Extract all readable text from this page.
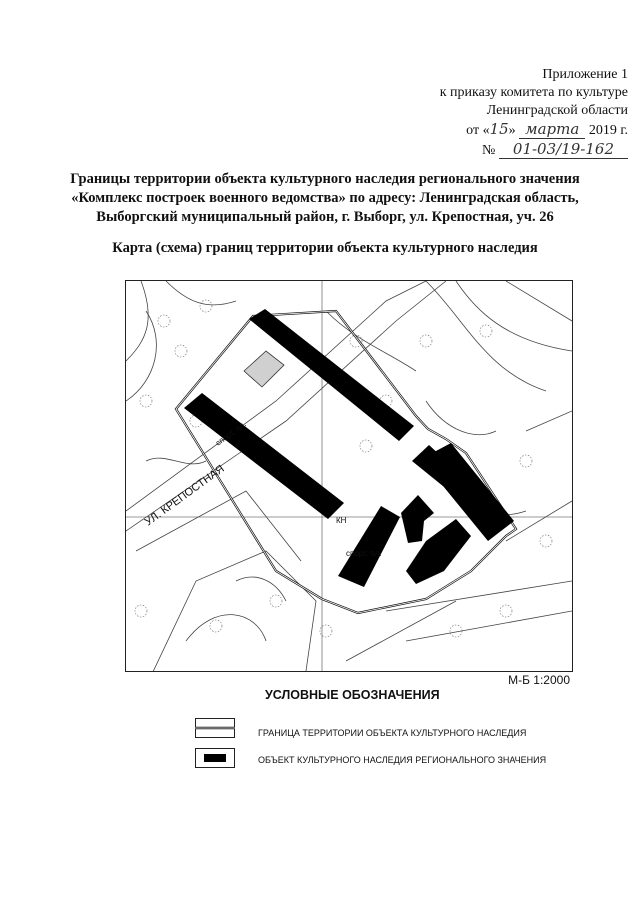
Приложение 1
к приказу комитета по культуре
Ленинградской области
от «15» марта 2019 г.
№ 01-03/19-162
Границы территории объекта культурного наследия регионального значения
«Комплекс построек военного ведомства» по адресу: Ленинградская область,
Выборгский муниципальный район, г. Выборг, ул. Крепостная, уч. 26
Карта (схема) границ территории объекта культурного наследия
УЛ. КРЕПОСТНАЯ
спорт. пл.
спорт. пл.
КН
М-Б 1:2000
УСЛОВНЫЕ ОБОЗНАЧЕНИЯ
ГРАНИЦА ТЕРРИТОРИИ ОБЪЕКТА КУЛЬТУРНОГО НАСЛЕДИЯ
ОБЪЕКТ КУЛЬТУРНОГО НАСЛЕДИЯ РЕГИОНАЛЬНОГО ЗНАЧЕНИЯ
